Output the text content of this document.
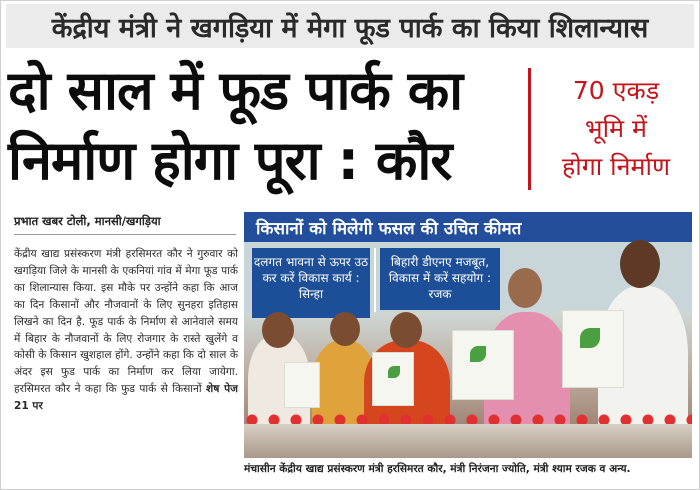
केंद्रीय मंत्री ने खगड़िया में मेगा फूड पार्क का किया शिलान्यास
दो साल में फूड पार्क का
निर्माण होगा पूरा : कौर
70 एकड़
भूमि में
होगा निर्माण
प्रभात खबर टोली, मानसी/खगड़िया
केंद्रीय खाद्य प्रसंस्करण मंत्री हरसिमरत कौर ने गुरुवार को खगड़िया जिले के मानसी के एकनियां गांव में मेगा फूड पार्क का शिलान्यास किया. इस मौके पर उन्होंने कहा कि आज का दिन किसानों और नौजवानों के लिए सुनहरा इतिहास लिखने का दिन है. फूड पार्क के निर्माण से आनेवाले समय में बिहार के नौजवानों के लिए रोजगार के रास्ते खुलेंगे व कोसी के किसान खुशहाल होंगे. उन्होंने कहा कि दो साल के अंदर इस फुड पार्क का निर्माण कर लिया जायेगा. हरसिमरत कौर ने कहा कि फुड पार्क से किसानों शेष पेज 21 पर
किसानों को मिलेगी फसल की उचित कीमत
दलगत भावना से ऊपर उठ कर करें विकास कार्य : सिन्हा
बिहारी डीएनए मजबूत, विकास में करें सहयोग : रजक
मंचासीन केंद्रीय खाद्य प्रसंस्करण मंत्री हरसिमरत कौर, मंत्री निरंजना ज्योति, मंत्री श्याम रजक व अन्य.
